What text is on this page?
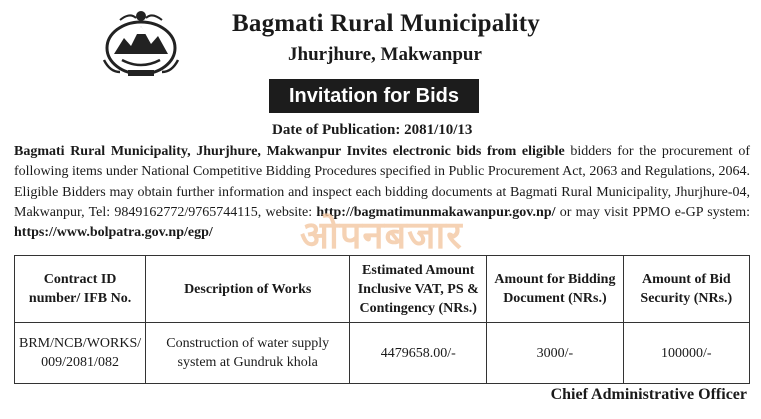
Bagmati Rural Municipality
Jhurjhure, Makwanpur
Invitation for Bids
Date of Publication: 2081/10/13
Bagmati Rural Municipality, Jhurjhure, Makwanpur Invites electronic bids from eligible bidders for the procurement of following items under National Competitive Bidding Procedures specified in Public Procurement Act, 2063 and Regulations, 2064. Eligible Bidders may obtain further information and inspect each bidding documents at Bagmati Rural Municipality, Jhurjhure-04, Makwanpur, Tel: 9849162772/9765744115, website: http://bagmatimunmakawanpur.gov.np/ or may visit PPMO e-GP system: https://www.bolpatra.gov.np/egp/	ओपनबजार
Contract ID number/ IFB No.	Description of Works	Estimated Amount Inclusive VAT, PS & Contingency (NRs.)	Amount for Bidding Document (NRs.)	Amount of Bid Security (NRs.)
BRM/NCB/WORKS/ 009/2081/082	Construction of water supply system at Gundruk khola	4479658.00/-	3000/-	100000/-
Chief Administrative Officer
